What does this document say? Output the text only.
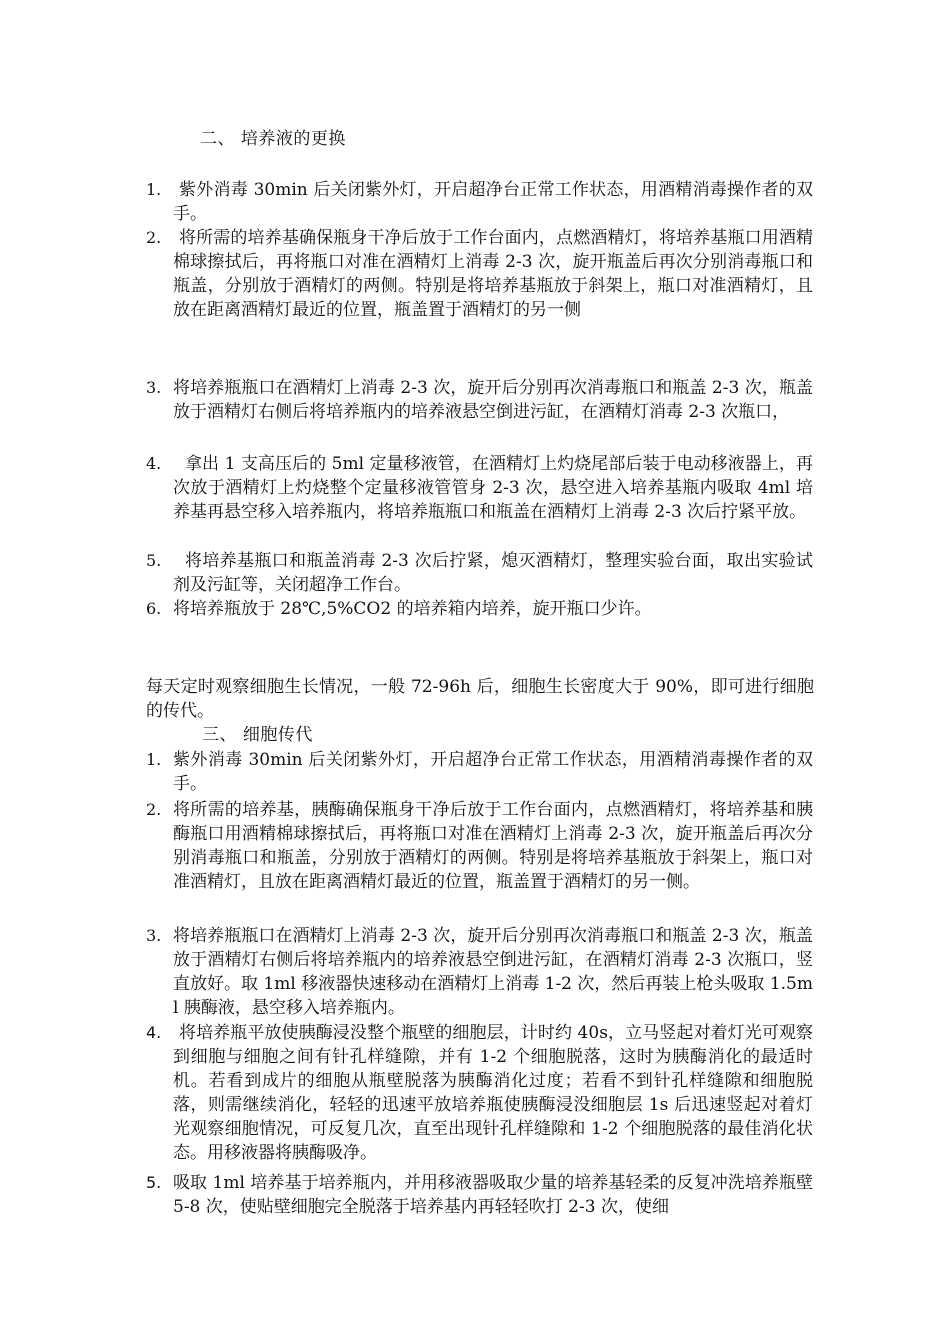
二、 培养液的更换
1.	紫外消毒 30min 后关闭紫外灯，开启超净台正常工作状态，用酒精消毒操作者的双手。
2.	将所需的培养基确保瓶身干净后放于工作台面内，点燃酒精灯，将培养基瓶口用酒精棉球擦拭后，再将瓶口对准在酒精灯上消毒 2-3 次，旋开瓶盖后再次分别消毒瓶口和瓶盖，分别放于酒精灯的两侧。特别是将培养基瓶放于斜架上，瓶口对准酒精灯，且放在距离酒精灯最近的位置，瓶盖置于酒精灯的另一侧
3. 将培养瓶瓶口在酒精灯上消毒 2-3 次，旋开后分别再次消毒瓶口和瓶盖 2-3 次，瓶盖放于酒精灯右侧后将培养瓶内的培养液悬空倒进污缸，在酒精灯消毒 2-3 次瓶口，
4.	拿出 1 支高压后的 5ml 定量移液管，在酒精灯上灼烧尾部后装于电动移液器上，再次放于酒精灯上灼烧整个定量移液管管身 2-3 次，悬空进入培养基瓶内吸取 4ml 培养基再悬空移入培养瓶内，将培养瓶瓶口和瓶盖在酒精灯上消毒 2-3 次后拧紧平放。
5.	将培养基瓶口和瓶盖消毒 2-3 次后拧紧，熄灭酒精灯，整理实验台面，取出实验试剂及污缸等，关闭超净工作台。
6. 将培养瓶放于 28℃,5%CO2 的培养箱内培养，旋开瓶口少许。
每天定时观察细胞生长情况，一般 72-96h 后，细胞生长密度大于 90%，即可进行细胞的传代。
三、 细胞传代
1. 紫外消毒 30min 后关闭紫外灯，开启超净台正常工作状态，用酒精消毒操作者的双手。
2. 将所需的培养基，胰酶确保瓶身干净后放于工作台面内，点燃酒精灯，将培养基和胰酶瓶口用酒精棉球擦拭后，再将瓶口对准在酒精灯上消毒 2-3 次，旋开瓶盖后再次分别消毒瓶口和瓶盖，分别放于酒精灯的两侧。特别是将培养基瓶放于斜架上，瓶口对准酒精灯，且放在距离酒精灯最近的位置，瓶盖置于酒精灯的另一侧。
3. 将培养瓶瓶口在酒精灯上消毒 2-3 次，旋开后分别再次消毒瓶口和瓶盖 2-3 次，瓶盖放于酒精灯右侧后将培养瓶内的培养液悬空倒进污缸，在酒精灯消毒 2-3 次瓶口，竖直放好。取 1ml 移液器快速移动在酒精灯上消毒 1-2 次，然后再装上枪头吸取 1.5ml 胰酶液，悬空移入培养瓶内。
4.	将培养瓶平放使胰酶浸没整个瓶壁的细胞层，计时约 40s，立马竖起对着灯光可观察到细胞与细胞之间有针孔样缝隙，并有 1-2 个细胞脱落，这时为胰酶消化的最适时机。若看到成片的细胞从瓶壁脱落为胰酶消化过度；若看不到针孔样缝隙和细胞脱落，则需继续消化，轻轻的迅速平放培养瓶使胰酶浸没细胞层 1s 后迅速竖起对着灯光观察细胞情况，可反复几次，直至出现针孔样缝隙和 1-2 个细胞脱落的最佳消化状态。用移液器将胰酶吸净。
5. 吸取 1ml 培养基于培养瓶内，并用移液器吸取少量的培养基轻柔的反复冲洗培养瓶壁 5-8 次，使贴壁细胞完全脱落于培养基内再轻轻吹打 2-3 次，使细
